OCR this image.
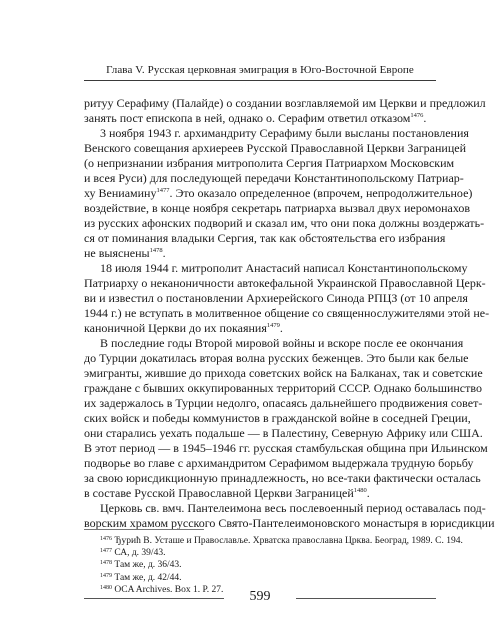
Глава V. Русская церковная эмиграция в Юго-Восточной Европе
ритуу Серафиму (Палайде) о создании возглавляемой им Церкви и предложил
занять пост епископа в ней, однако о. Серафим ответил отказом$^{1476}$.
3 ноября 1943 г. архимандриту Серафиму были высланы постановления
Венского совещания архиереев Русской Православной Церкви Заграницей
(о непризнании избрания митрополита Сергия Патриархом Московским
и всея Руси) для последующей передачи Константинопольскому Патриар-
ху Вениамину$^{1477}$. Это оказало определенное (впрочем, непродолжительное)
воздействие, в конце ноября секретарь патриарха вызвал двух иеромонахов
из русских афонских подворий и сказал им, что они пока должны воздержать-
ся от поминания владыки Сергия, так как обстоятельства его избрания
не выяснены$^{1478}$.
18 июля 1944 г. митрополит Анастасий написал Константинопольскому
Патриарху о неканоничности автокефальной Украинской Православной Церк-
ви и известил о постановлении Архиерейского Синода РПЦЗ (от 10 апреля
1944 г.) не вступать в молитвенное общение со священнослужителями этой не-
каноничной Церкви до их покаяния$^{1479}$.
В последние годы Второй мировой войны и вскоре после ее окончания
до Турции докатилась вторая волна русских беженцев. Это были как белые
эмигранты, жившие до прихода советских войск на Балканах, так и советские
граждане с бывших оккупированных территорий СССР. Однако большинство
их задержалось в Турции недолго, опасаясь дальнейшего продвижения совет-
ских войск и победы коммунистов в гражданской войне в соседней Греции,
они старались уехать подальше — в Палестину, Северную Африку или США.
В этот период — в 1945–1946 гг. русская стамбульская община при Ильинском
подворье во главе с архимандритом Серафимом выдержала трудную борьбу
за свою юрисдикционную принадлежность, но все-таки фактически осталась
в составе Русской Православной Церкви Заграницей$^{1480}$.
Церковь св. вмч. Пантелеимона весь послевоенный период оставалась под-
ворским храмом русского Свято-Пантелеимоновского монастыря в юрисдикции
$^{1476}$ Ђурић В. Усташе и Православље. Хрватска православна Црква. Београд, 1989. С. 194.
$^{1477}$ СА, д. 39/43.
$^{1478}$ Там же, д. 36/43.
$^{1479}$ Там же, д. 42/44.
$^{1480}$ OCA Archives. Box 1. P. 27.	599
